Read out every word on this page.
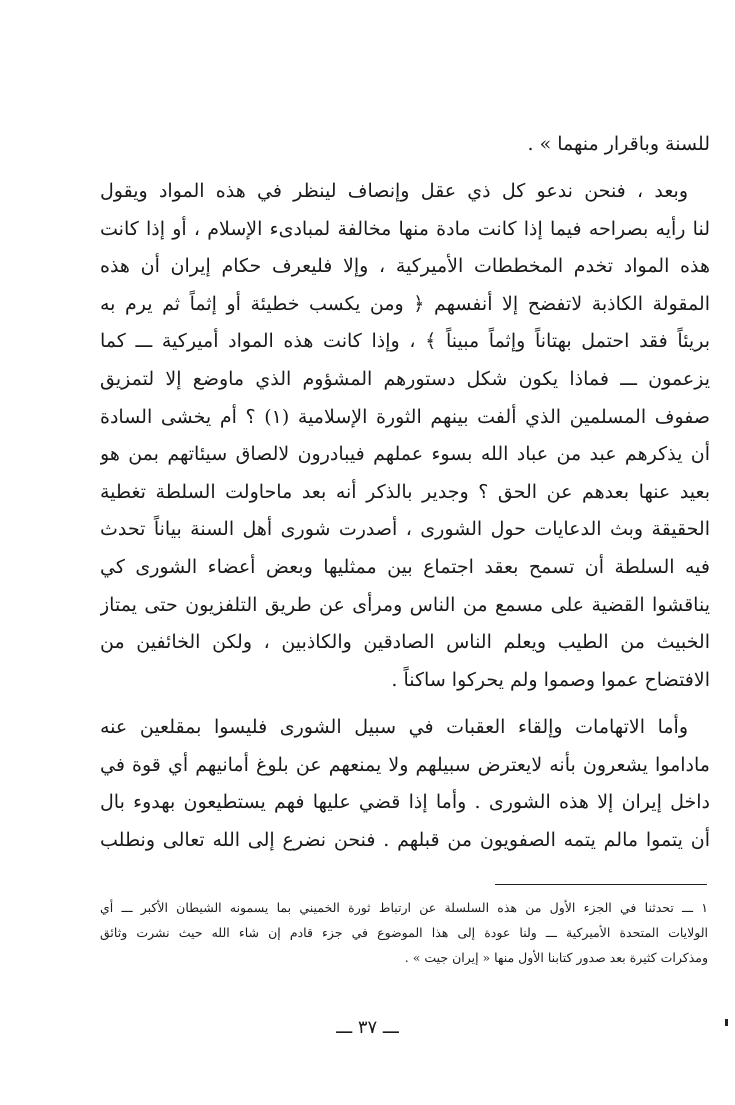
للسنة وباقرار منهما » .

وبعد ، فنحن ندعو كل ذي عقل وإنصاف لينظر في هذه المواد ويقول
لنا رأيه بصراحه فيما إذا كانت مادة منها مخالفة لمبادىء الإسلام ، أو إذا كانت
هذه المواد تخدم المخططات الأميركية ، وإلا فليعرف حكام إيران أن هذه
المقولة الكاذبة لاتفضح إلا أنفسهم ﴿ ومن يكسب خطيئة أو إثماً ثم يرم به
بريئاً فقد احتمل بهتاناً وإثماً مبيناً ﴾ ، وإذا كانت هذه المواد أميركية ـــ كما
يزعمون ـــ فماذا يكون شكل دستورهم المشؤوم الذي ماوضع إلا لتمزيق
صفوف المسلمين الذي ألفت بينهم الثورة الإسلامية (١) ؟ أم يخشى السادة
أن يذكرهم عبد من عباد الله بسوء عملهم فيبادرون لالصاق سيئاتهم بمن هو
بعيد عنها بعدهم عن الحق ؟ وجدير بالذكر أنه بعد ماحاولت السلطة تغطية
الحقيقة وبث الدعايات حول الشورى ، أصدرت شورى أهل السنة بياناً تحدث
فيه السلطة أن تسمح بعقد اجتماع بين ممثليها وبعض أعضاء الشورى كي
يناقشوا القضية على مسمع من الناس ومرأى عن طريق التلفزيون حتى يمتاز
الخبيث من الطيب ويعلم الناس الصادقين والكاذبين ، ولكن الخائفين من
الافتضاح عموا وصموا ولم يحركوا ساكناً .

وأما الاتهامات وإلقاء العقبات في سبيل الشورى فليسوا بمقلعين عنه
ماداموا يشعرون بأنه لايعترض سبيلهم ولا يمنعهم عن بلوغ أمانيهم أي قوة في
داخل إيران إلا هذه الشورى . وأما إذا قضي عليها فهم يستطيعون بهدوء بال
أن يتموا مالم يتمه الصفويون من قبلهم . فنحن نضرع إلى الله تعالى ونطلب

١ ـــ تحدثنا في الجزء الأول من هذه السلسلة عن ارتباط ثورة الخميني بما يسمونه الشيطان الأكبر ـــ أي
الولايات المتحدة الأميركية ـــ ولنا عودة إلى هذا الموضوع في جزء قادم إن شاء الله حيث نشرت وثائق
ومذكرات كثيرة بعد صدور كتابنا الأول منها « إيران جيت » .

ـــ ٣٧ ـــ
